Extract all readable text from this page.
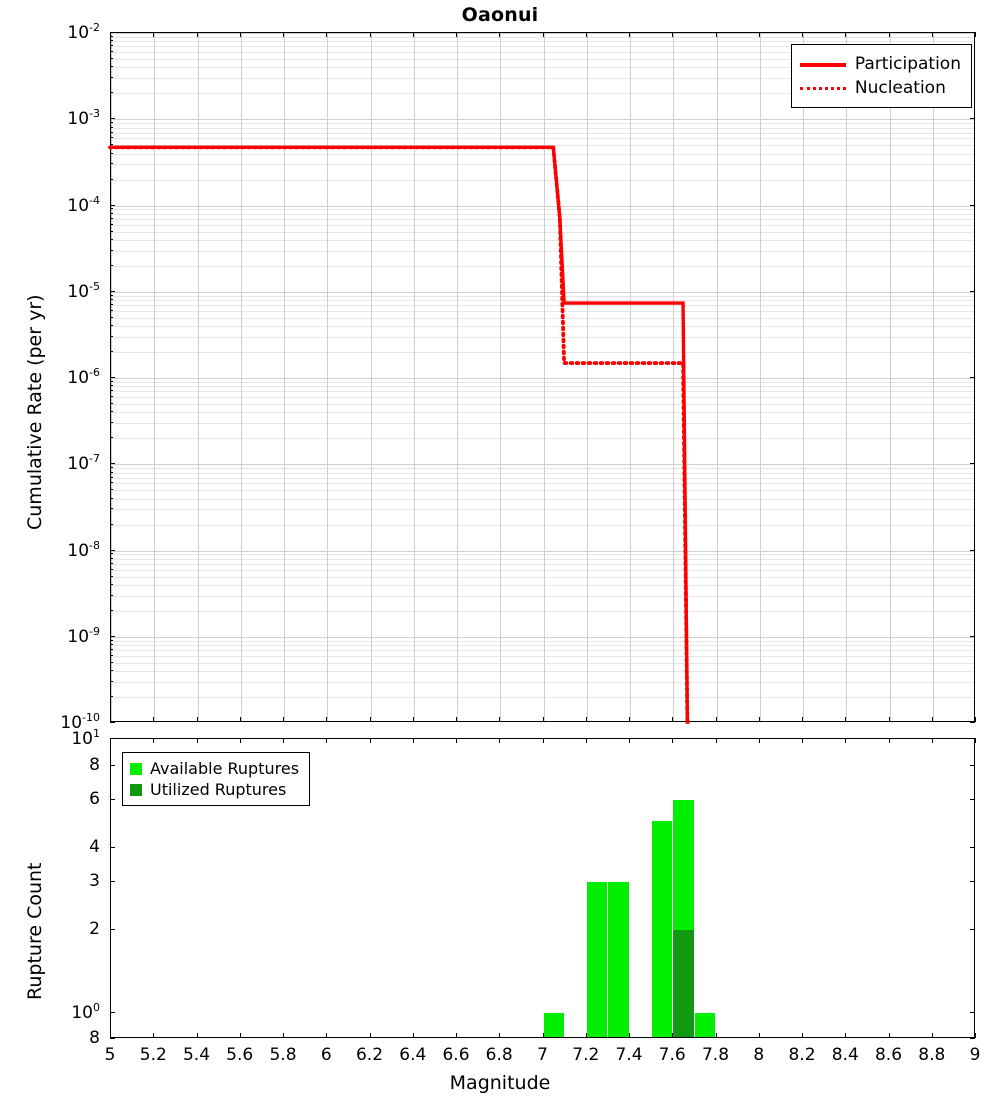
Oaonui
Cumulative Rate (per yr)
Rupture Count
Magnitude
Participation
Nucleation
Available Ruptures
Utilized Ruptures
$10^{-2}$
$10^{-3}$
$10^{-4}$
$10^{-5}$
$10^{-6}$
$10^{-7}$
$10^{-8}$
$10^{-9}$
$10^{-10}$
$10^1$
8
6
4
3
2
$10^0$
8
5 5.2 5.4 5.6 5.8 6 6.2 6.4 6.6 6.8 7 7.2 7.4 7.6 7.8 8 8.2 8.4 8.6 8.8 9
